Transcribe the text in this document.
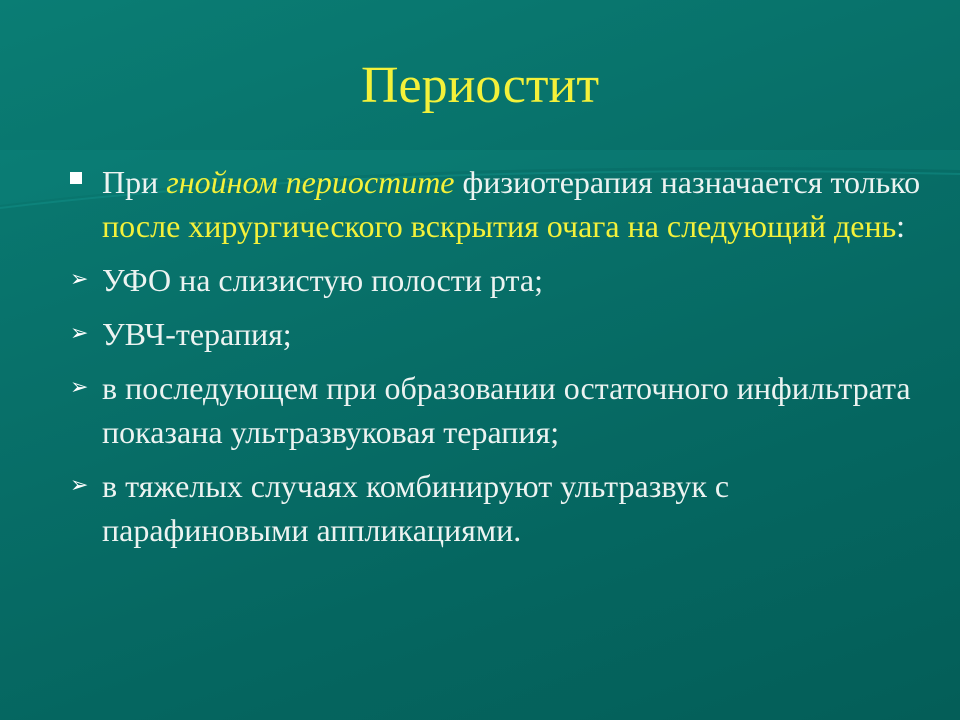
Периостит
При гнойном периостите физиотерапия назначается только после хирургического вскрытия очага на следующий день:
➢ УФО на слизистую полости рта;
➢ УВЧ-терапия;
➢ в последующем при образовании остаточного инфильтрата показана ультразвуковая терапия;
➢ в тяжелых случаях комбинируют ультразвук с парафиновыми аппликациями.
